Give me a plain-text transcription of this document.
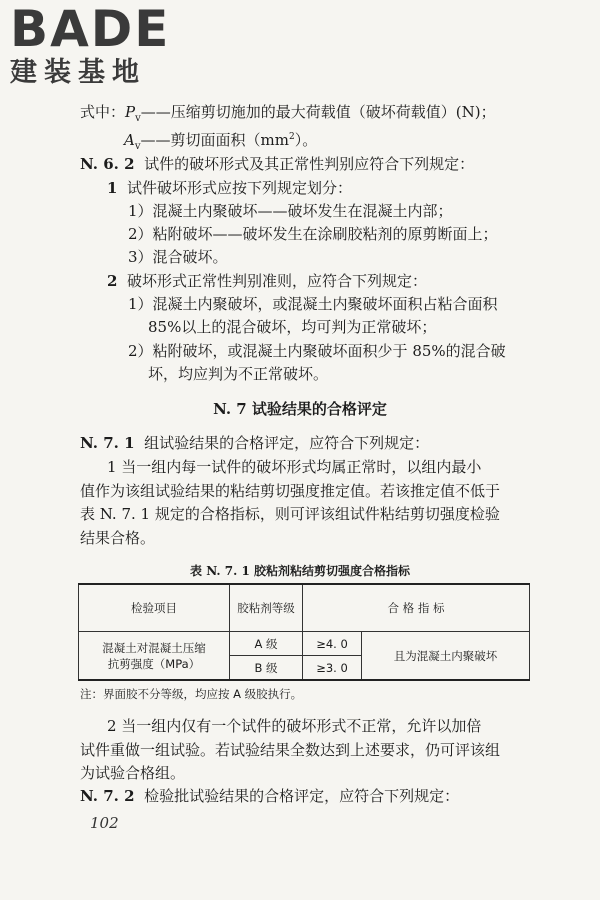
BADE
建装基地
式中：$P_v——$压缩剪切施加的最大荷载值（破坏荷载值）(N)；
$A_v——$剪切面面积$(mm^2)$。
N. 6. 2 试件的破坏形式及其正常性判别应符合下列规定：
1 试件破坏形式应按下列规定划分：
1）混凝土内聚破坏——破坏发生在混凝土内部；
2）粘附破坏——破坏发生在涂刷胶粘剂的原剪断面上；
3）混合破坏。
2 破坏形式正常性判别准则，应符合下列规定：
1）混凝土内聚破坏，或混凝土内聚破坏面积占粘合面积
85%以上的混合破坏，均可判为正常破坏；
2）粘附破坏，或混凝土内聚破坏面积少于 85%的混合破
坏，均应判为不正常破坏。
N. 7 试验结果的合格评定
N. 7. 1 组试验结果的合格评定，应符合下列规定：
1 当一组内每一试件的破坏形式均属正常时，以组内最小
值作为该组试验结果的粘结剪切强度推定值。若该推定值不低于
表 N. 7. 1 规定的合格指标，则可评该组试件粘结剪切强度检验
结果合格。
表 N. 7. 1 胶粘剂粘结剪切强度合格指标
检验项目	胶粘剂等级	合 格 指 标	
混凝土对混凝土压缩
抗剪强度（MPa）	A 级	≥4. 0	且为混凝土内聚破坏
	B 级	≥3. 0	
注：界面胶不分等级，均应按 A 级胶执行。
2 当一组内仅有一个试件的破坏形式不正常，允许以加倍
试件重做一组试验。若试验结果全数达到上述要求，仍可评该组
为试验合格组。
N. 7. 2 检验批试验结果的合格评定，应符合下列规定：
102
